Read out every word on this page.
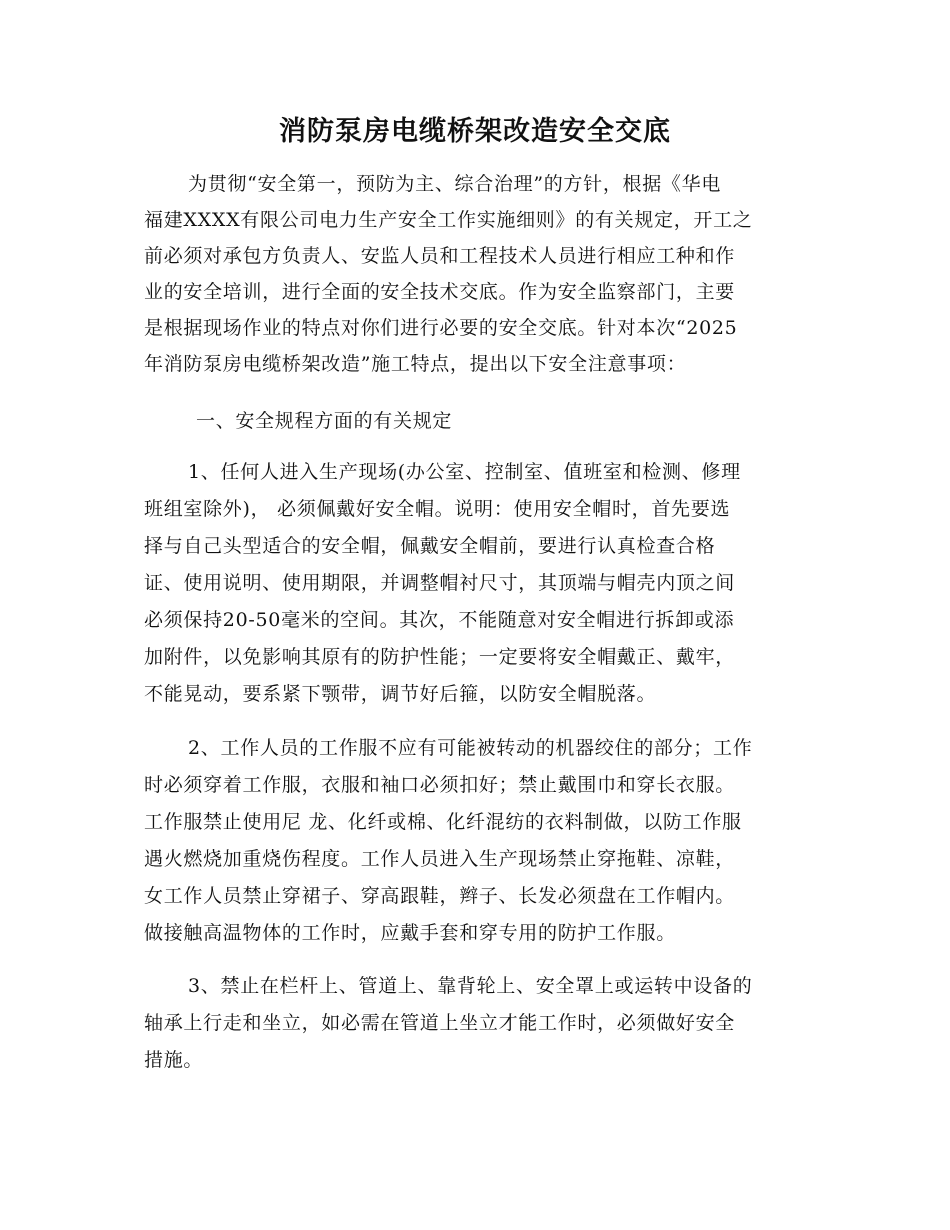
消防泵房电缆桥架改造安全交底
为贯彻“安全第一，预防为主、综合治理”的方针，根据《华电
福建XXXX有限公司电力生产安全工作实施细则》的有关规定，开工之
前必须对承包方负责人、安监人员和工程技术人员进行相应工种和作
业的安全培训，进行全面的安全技术交底。作为安全监察部门，主要
是根据现场作业的特点对你们进行必要的安全交底。针对本次“2025
年消防泵房电缆桥架改造”施工特点，提出以下安全注意事项：
一、安全规程方面的有关规定
1、任何人进入生产现场(办公室、控制室、值班室和检测、修理
班组室除外)， 必须佩戴好安全帽。说明：使用安全帽时，首先要选
择与自己头型适合的安全帽，佩戴安全帽前，要进行认真检查合格
证、使用说明、使用期限，并调整帽衬尺寸，其顶端与帽壳内顶之间
必须保持20-50毫米的空间。其次，不能随意对安全帽进行拆卸或添
加附件，以免影响其原有的防护性能；一定要将安全帽戴正、戴牢，
不能晃动，要系紧下颚带，调节好后箍，以防安全帽脱落。
2、工作人员的工作服不应有可能被转动的机器绞住的部分；工作
时必须穿着工作服，衣服和袖口必须扣好；禁止戴围巾和穿长衣服。
工作服禁止使用尼 龙、化纤或棉、化纤混纺的衣料制做，以防工作服
遇火燃烧加重烧伤程度。工作人员进入生产现场禁止穿拖鞋、凉鞋，
女工作人员禁止穿裙子、穿高跟鞋，辫子、长发必须盘在工作帽内。
做接触高温物体的工作时，应戴手套和穿专用的防护工作服。
3、禁止在栏杆上、管道上、靠背轮上、安全罩上或运转中设备的
轴承上行走和坐立，如必需在管道上坐立才能工作时，必须做好安全
措施。
